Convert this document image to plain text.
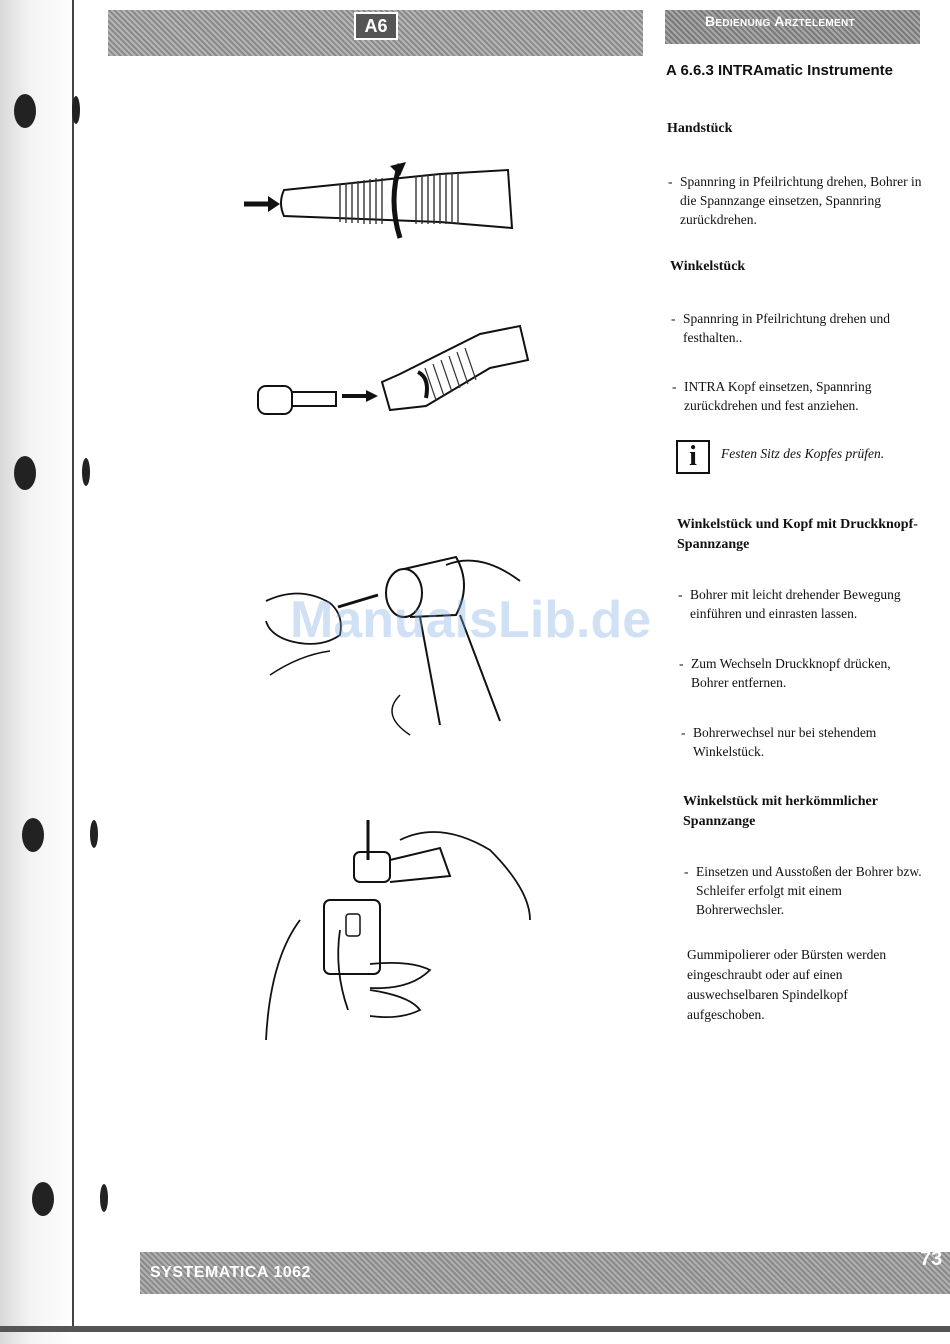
A6	Bedienung Arztelement
A 6.6.3 INTRAmatic Instrumente
Handstück
- Spannring in Pfeilrichtung drehen, Bohrer in die Spannzange einsetzen, Spannring zurückdrehen.
Winkelstück
- Spannring in Pfeilrichtung drehen und festhalten..
- INTRA Kopf einsetzen, Spannring zurückdrehen und fest anziehen.
i	Festen Sitz des Kopfes prüfen.
Winkelstück und Kopf mit Druckknopf-Spannzange
- Bohrer mit leicht drehender Bewegung einführen und einrasten lassen.
- Zum Wechseln Druckknopf drücken, Bohrer entfernen.
- Bohrerwechsel nur bei stehendem Winkelstück.
Winkelstück mit herkömmlicher Spannzange
- Einsetzen und Ausstoßen der Bohrer bzw. Schleifer erfolgt mit einem Bohrerwechsler.
Gummipolierer oder Bürsten werden eingeschraubt oder auf einen auswechselbaren Spindelkopf aufgeschoben.
ManualsLib.de
SYSTEMATICA 1062
73
